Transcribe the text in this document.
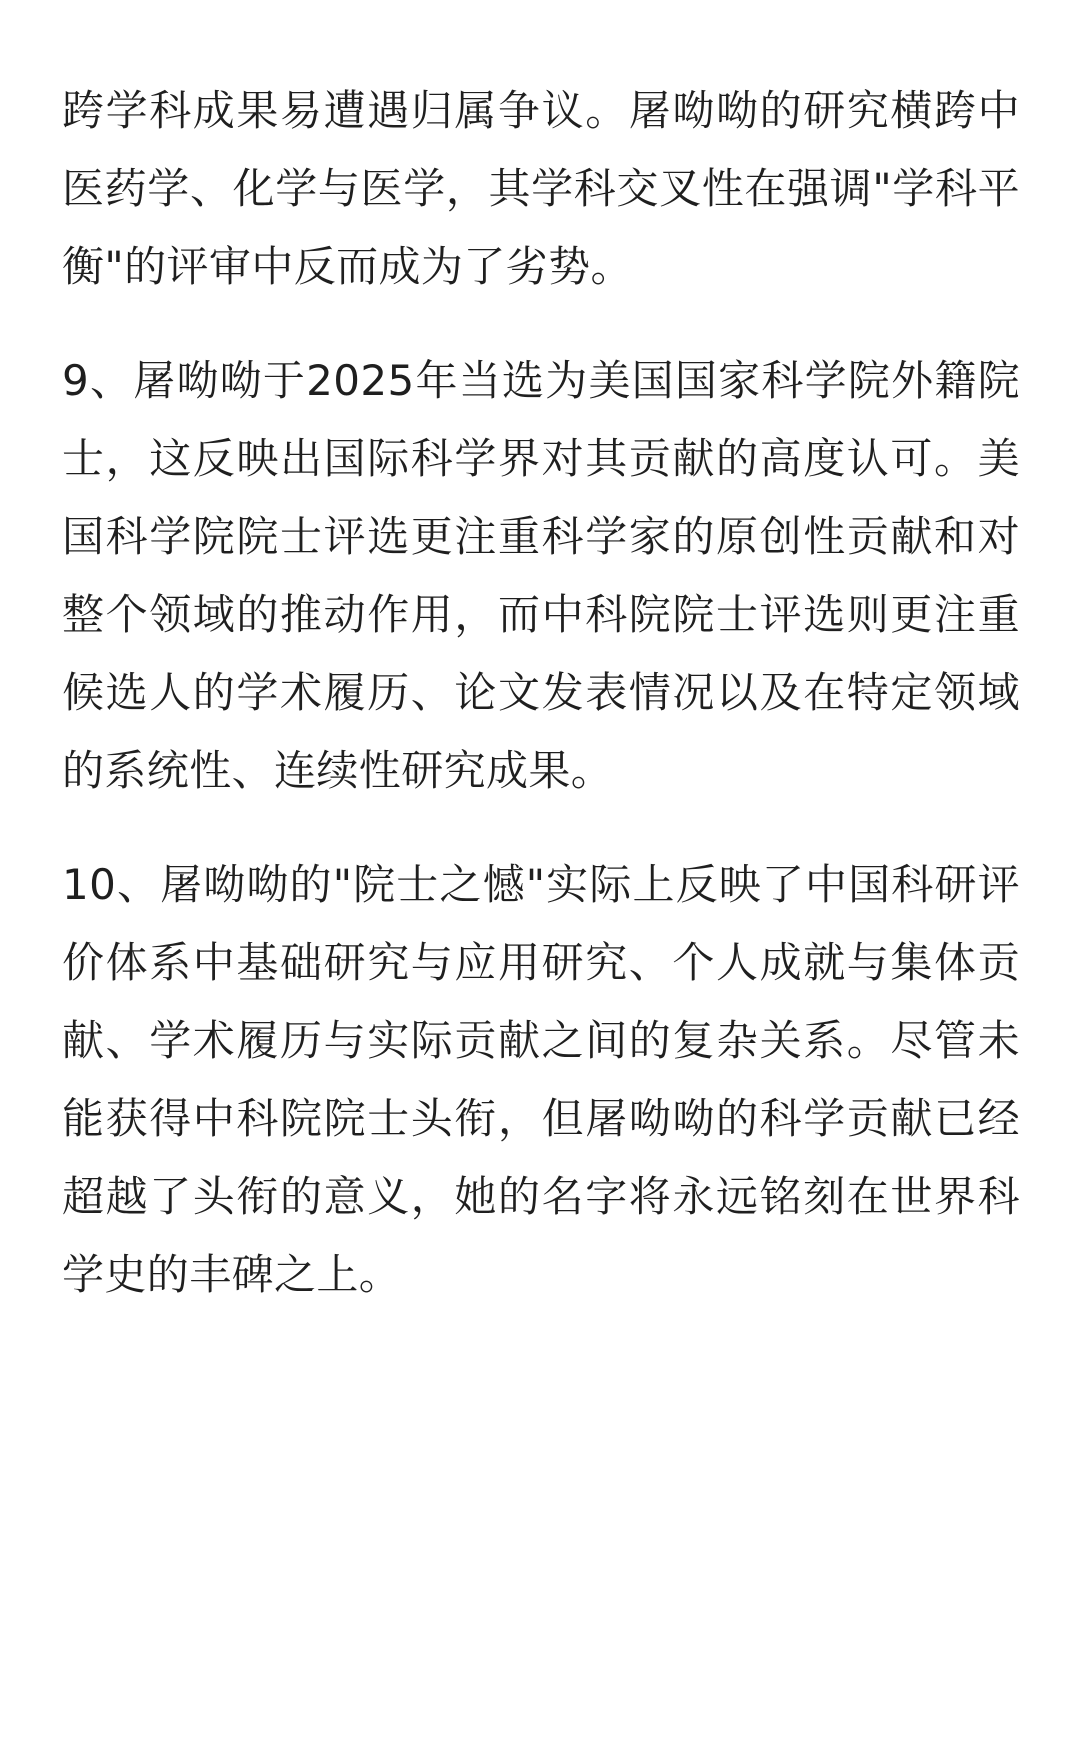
跨学科成果易遭遇归属争议。屠呦呦的研究横跨中医药学、化学与医学，其学科交叉性在强调"学科平衡"的评审中反而成为了劣势。

9、屠呦呦于2025年当选为美国国家科学院外籍院士，这反映出国际科学界对其贡献的高度认可。美国科学院院士评选更注重科学家的原创性贡献和对整个领域的推动作用，而中科院院士评选则更注重候选人的学术履历、论文发表情况以及在特定领域的系统性、连续性研究成果。

10、屠呦呦的"院士之憾"实际上反映了中国科研评价体系中基础研究与应用研究、个人成就与集体贡献、学术履历与实际贡献之间的复杂关系。尽管未能获得中科院院士头衔，但屠呦呦的科学贡献已经超越了头衔的意义，她的名字将永远铭刻在世界科学史的丰碑之上。
